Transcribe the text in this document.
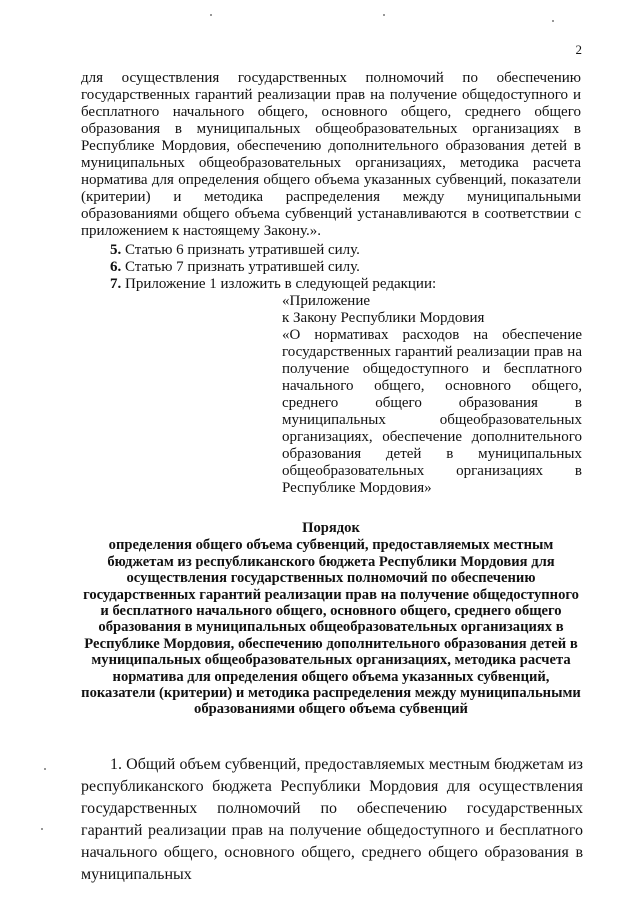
2

для осуществления государственных полномочий по обеспечению государственных гарантий реализации прав на получение общедоступного и бесплатного начального общего, основного общего, среднего общего образования в муниципальных общеобразовательных организациях в Республике Мордовия, обеспечению дополнительного образования детей в муниципальных общеобразовательных организациях, методика расчета норматива для определения общего объема указанных субвенций, показатели (критерии) и методика распределения между муниципальными образованиями общего объема субвенций устанавливаются в соответствии с приложением к настоящему Закону.».

5. Статью 6 признать утратившей силу.
6. Статью 7 признать утратившей силу.
7. Приложение 1 изложить в следующей редакции:
«Приложение
к Закону Республики Мордовия
«О нормативах расходов на обеспечение государственных гарантий реализации прав на получение общедоступного и бесплатного начального общего, основного общего, среднего общего образования в муниципальных общеобразовательных организациях, обеспечение дополнительного образования детей в муниципальных общеобразовательных организациях в Республике Мордовия»
Порядок
определения общего объема субвенций, предоставляемых местным бюджетам из республиканского бюджета Республики Мордовия для осуществления государственных полномочий по обеспечению государственных гарантий реализации прав на получение общедоступного и бесплатного начального общего, основного общего, среднего общего образования в муниципальных общеобразовательных организациях в Республике Мордовия, обеспечению дополнительного образования детей в муниципальных общеобразовательных организациях, методика расчета норматива для определения общего объема указанных субвенций, показатели (критерии) и методика распределения между муниципальными образованиями общего объема субвенций
1. Общий объем субвенций, предоставляемых местным бюджетам из республиканского бюджета Республики Мордовия для осуществления государственных полномочий по обеспечению государственных гарантий реализации прав на получение общедоступного и бесплатного начального общего, основного общего, среднего общего образования в муниципальных
